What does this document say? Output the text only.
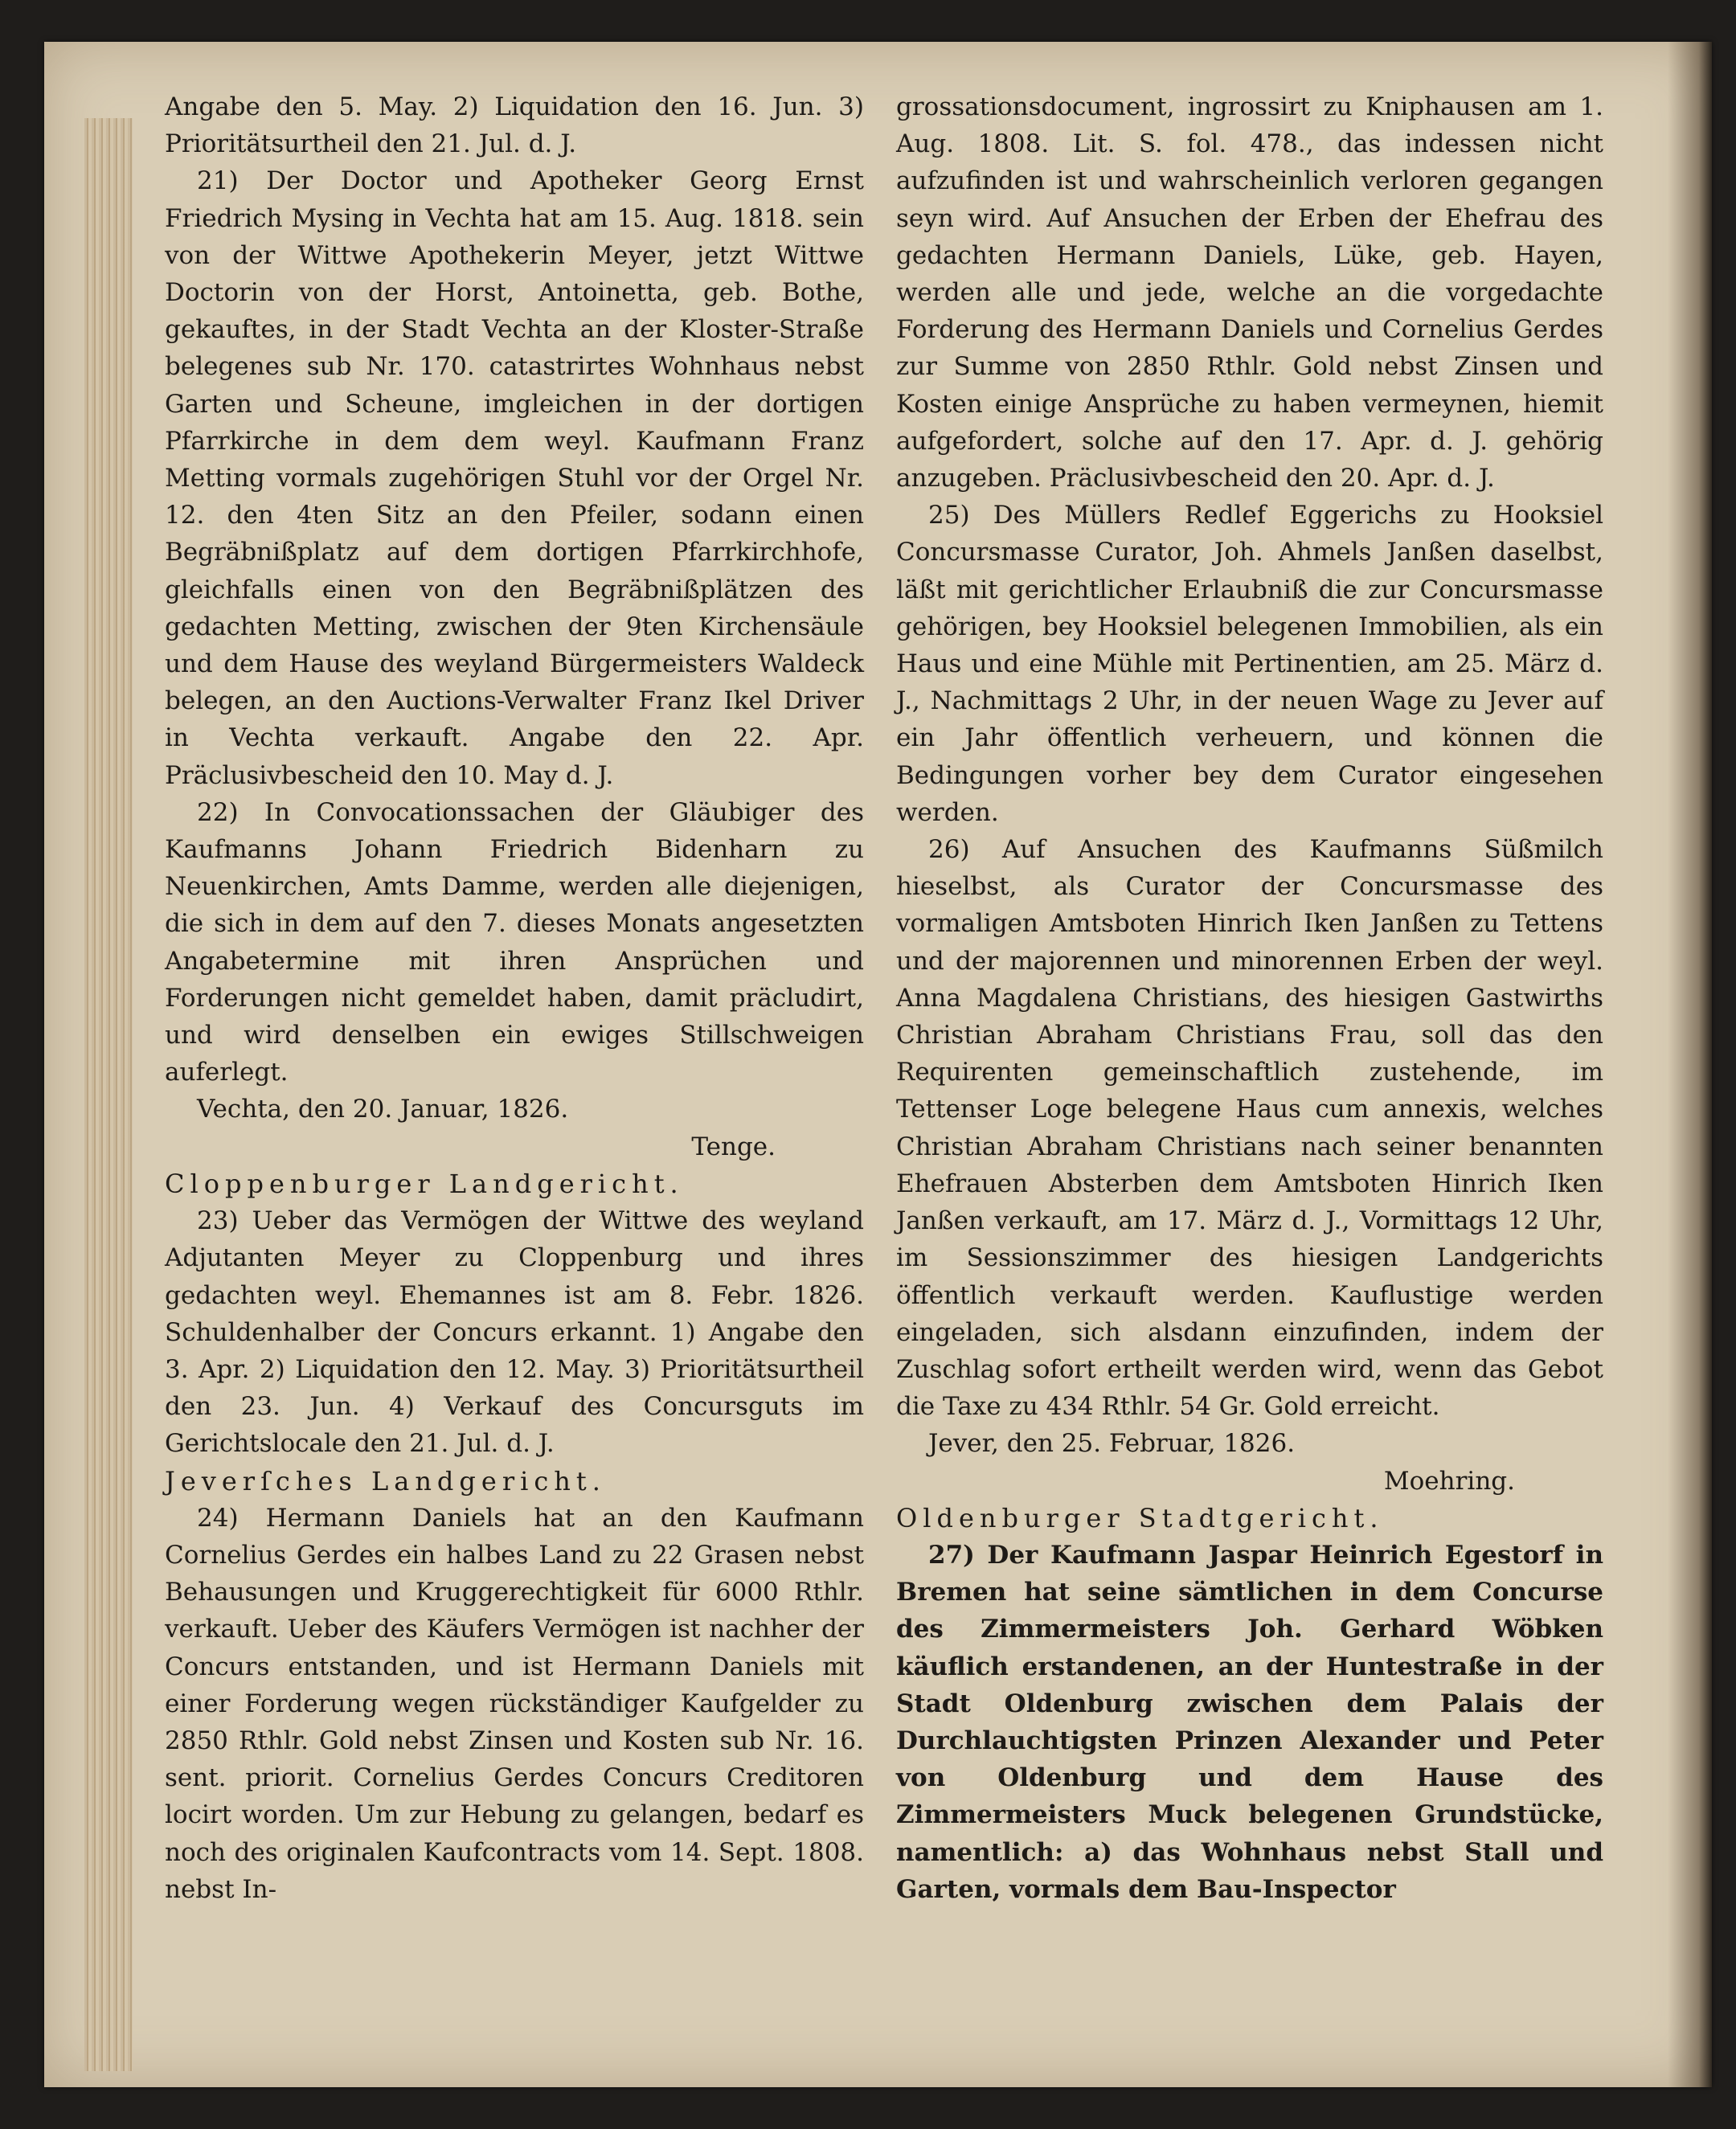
Angabe den 5. May. 2) Liquidation den 16. Jun. 3) Prioritätsurtheil den 21. Jul. d. J.

21) Der Doctor und Apotheker Georg Ernst Friedrich Mysing in Vechta hat am 15. Aug. 1818. sein von der Wittwe Apothekerin Meyer, jetzt Wittwe Doctorin von der Horst, Antoinetta, geb. Bothe, gekauftes, in der Stadt Vechta an der Kloster-Straße belegenes sub Nr. 170. catastrirtes Wohnhaus nebst Garten und Scheune, imgleichen in der dortigen Pfarrkirche in dem dem weyl. Kaufmann Franz Metting vormals zugehörigen Stuhl vor der Orgel Nr. 12. den 4ten Sitz an den Pfeiler, sodann einen Begräbnißplatz auf dem dortigen Pfarrkirchhofe, gleichfalls einen von den Begräbnißplätzen des gedachten Metting, zwischen der 9ten Kirchensäule und dem Hause des weyland Bürgermeisters Waldeck belegen, an den Auctions-Verwalter Franz Ikel Driver in Vechta verkauft. Angabe den 22. Apr. Präclusivbescheid den 10. May d. J.

22) In Convocationssachen der Gläubiger des Kaufmanns Johann Friedrich Bidenharn zu Neuenkirchen, Amts Damme, werden alle diejenigen, die sich in dem auf den 7. dieses Monats angesetzten Angabetermine mit ihren Ansprüchen und Forderungen nicht gemeldet haben, damit präcludirt, und wird denselben ein ewiges Stillschweigen auferlegt.

Vechta, den 20. Januar, 1826.

Tenge.

Cloppenburger Landgericht.

23) Ueber das Vermögen der Wittwe des weyland Adjutanten Meyer zu Cloppenburg und ihres gedachten weyl. Ehemannes ist am 8. Febr. 1826. Schuldenhalber der Concurs erkannt. 1) Angabe den 3. Apr. 2) Liquidation den 12. May. 3) Prioritätsurtheil den 23. Jun. 4) Verkauf des Concursguts im Gerichtslocale den 21. Jul. d. J.

Jeverſches Landgericht.

24) Hermann Daniels hat an den Kaufmann Cornelius Gerdes ein halbes Land zu 22 Grasen nebst Behausungen und Kruggerechtigkeit für 6000 Rthlr. verkauft. Ueber des Käufers Vermögen ist nachher der Concurs entstanden, und ist Hermann Daniels mit einer Forderung wegen rückständiger Kaufgelder zu 2850 Rthlr. Gold nebst Zinsen und Kosten sub Nr. 16. sent. priorit. Cornelius Gerdes Concurs Creditoren locirt worden. Um zur Hebung zu gelangen, bedarf es noch des originalen Kaufcontracts vom 14. Sept. 1808. nebst In-

grossationsdocument, ingrossirt zu Kniphausen am 1. Aug. 1808. Lit. S. fol. 478., das indessen nicht aufzufinden ist und wahrscheinlich verloren gegangen seyn wird. Auf Ansuchen der Erben der Ehefrau des gedachten Hermann Daniels, Lüke, geb. Hayen, werden alle und jede, welche an die vorgedachte Forderung des Hermann Daniels und Cornelius Gerdes zur Summe von 2850 Rthlr. Gold nebst Zinsen und Kosten einige Ansprüche zu haben vermeynen, hiemit aufgefordert, solche auf den 17. Apr. d. J. gehörig anzugeben. Präclusivbescheid den 20. Apr. d. J.

25) Des Müllers Redlef Eggerichs zu Hooksiel Concursmasse Curator, Joh. Ahmels Janßen daselbst, läßt mit gerichtlicher Erlaubniß die zur Concursmasse gehörigen, bey Hooksiel belegenen Immobilien, als ein Haus und eine Mühle mit Pertinentien, am 25. März d. J., Nachmittags 2 Uhr, in der neuen Wage zu Jever auf ein Jahr öffentlich verheuern, und können die Bedingungen vorher bey dem Curator eingesehen werden.

26) Auf Ansuchen des Kaufmanns Süßmilch hieselbst, als Curator der Concursmasse des vormaligen Amtsboten Hinrich Iken Janßen zu Tettens und der majorennen und minorennen Erben der weyl. Anna Magdalena Christians, des hiesigen Gastwirths Christian Abraham Christians Frau, soll das den Requirenten gemeinschaftlich zustehende, im Tettenser Loge belegene Haus cum annexis, welches Christian Abraham Christians nach seiner benannten Ehefrauen Absterben dem Amtsboten Hinrich Iken Janßen verkauft, am 17. März d. J., Vormittags 12 Uhr, im Sessionszimmer des hiesigen Landgerichts öffentlich verkauft werden. Kauflustige werden eingeladen, sich alsdann einzufinden, indem der Zuschlag sofort ertheilt werden wird, wenn das Gebot die Taxe zu 434 Rthlr. 54 Gr. Gold erreicht.

Jever, den 25. Februar, 1826.

Moehring.

Oldenburger Stadtgericht.

27) Der Kaufmann Jaspar Heinrich Egestorf in Bremen hat seine sämtlichen in dem Concurse des Zimmermeisters Joh. Gerhard Wöbken käuflich erstandenen, an der Huntestraße in der Stadt Oldenburg zwischen dem Palais der Durchlauchtigsten Prinzen Alexander und Peter von Oldenburg und dem Hause des Zimmermeisters Muck belegenen Grundstücke, namentlich: a) das Wohnhaus nebst Stall und Garten, vormals dem Bau-Inspector
